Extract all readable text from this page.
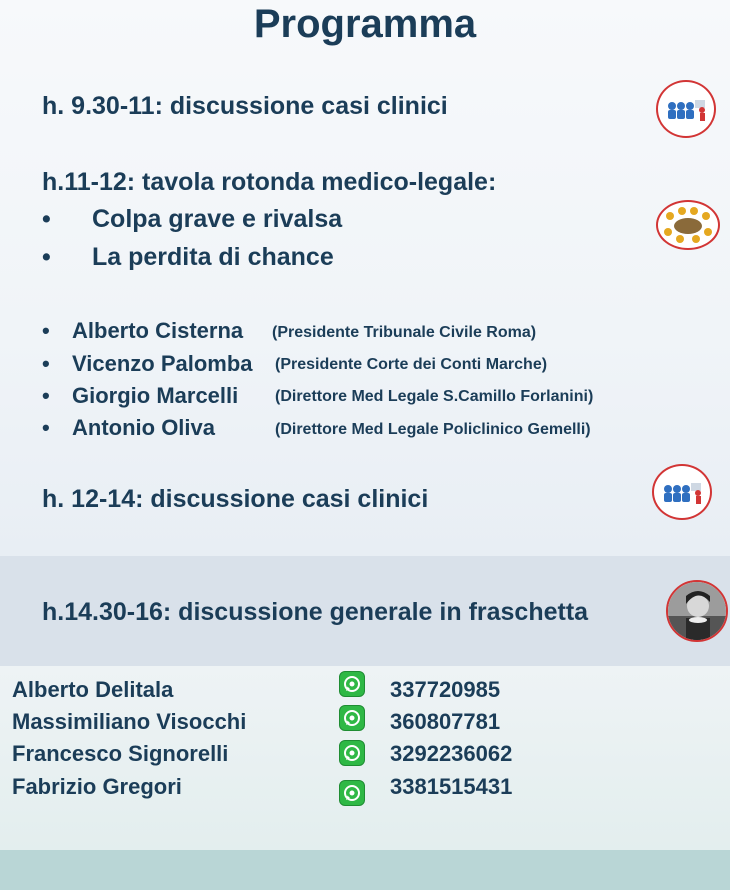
Programma
h. 9.30-11: discussione casi clinici
h.11-12: tavola rotonda medico-legale:
• Colpa grave e rivalsa
• La perdita di chance
• Alberto Cisterna (Presidente Tribunale Civile Roma)
• Vicenzo Palomba (Presidente Corte dei Conti Marche)
• Giorgio Marcelli (Direttore Med Legale S.Camillo Forlanini)
• Antonio Oliva	(Direttore Med Legale Policlinico Gemelli)
h. 12-14: discussione casi clinici
h.14.30-16: discussione generale in fraschetta
Alberto Delitala	337720985
Massimiliano Visocchi	360807781
Francesco Signorelli	3292236062
Fabrizio Gregori	3381515431
